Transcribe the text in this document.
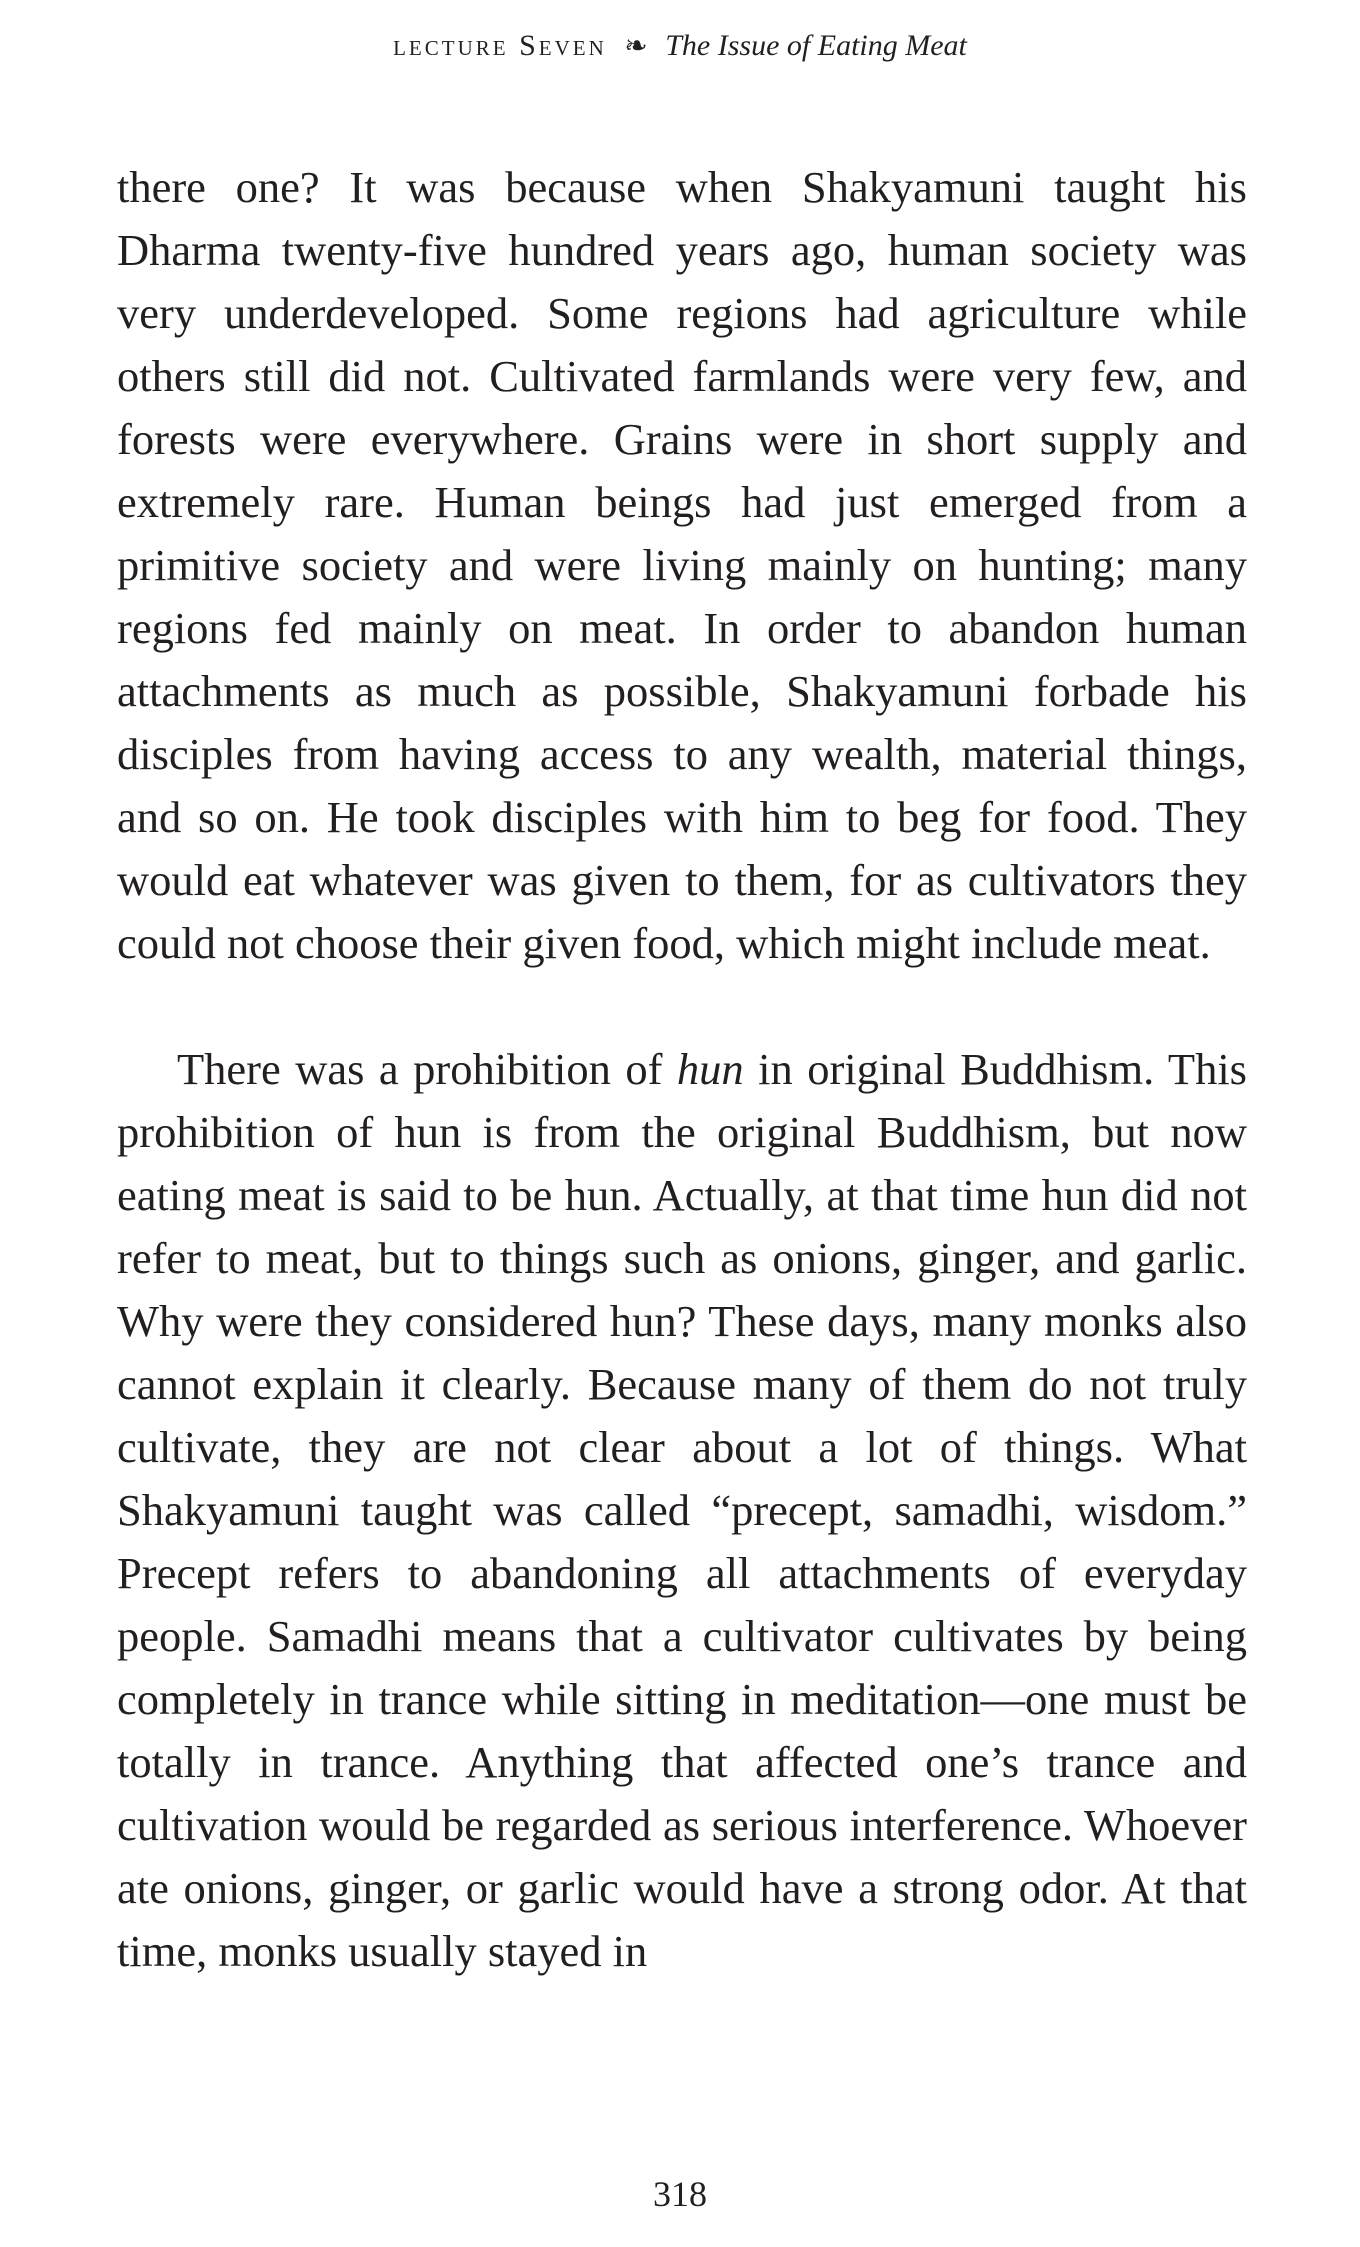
lecture Seven ❧ The Issue of Eating Meat

there one? It was because when Shakyamuni taught his Dharma twenty-five hundred years ago, human society was very underdeveloped. Some regions had agriculture while others still did not. Cultivated farmlands were very few, and forests were everywhere. Grains were in short supply and extremely rare. Human beings had just emerged from a primitive society and were living mainly on hunting; many regions fed mainly on meat. In order to abandon human attachments as much as possible, Shakyamuni forbade his disciples from having access to any wealth, material things, and so on. He took disciples with him to beg for food. They would eat whatever was given to them, for as cultivators they could not choose their given food, which might include meat.

There was a prohibition of hun in original Buddhism. This prohibition of hun is from the original Buddhism, but now eating meat is said to be hun. Actually, at that time hun did not refer to meat, but to things such as onions, ginger, and garlic. Why were they considered hun? These days, many monks also cannot explain it clearly. Because many of them do not truly cultivate, they are not clear about a lot of things. What Shakyamuni taught was called “precept, samadhi, wisdom.” Precept refers to abandoning all attachments of everyday people. Samadhi means that a cultivator cultivates by being completely in trance while sitting in meditation—one must be totally in trance. Anything that affected one’s trance and cultivation would be regarded as serious interference. Whoever ate onions, ginger, or garlic would have a strong odor. At that time, monks usually stayed in

318
